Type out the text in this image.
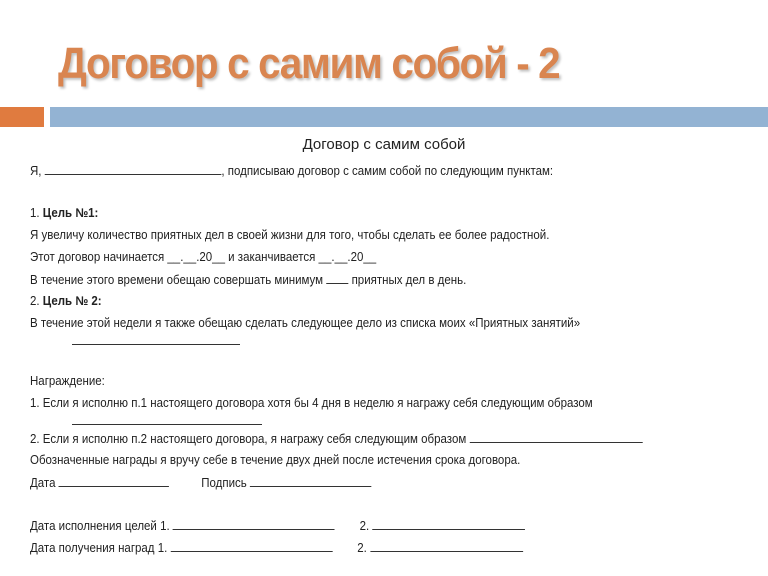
Договор с самим собой - 2
Договор с самим собой
Я,	, подписываю договор с самим собой по следующим пунктам:
1. Цель №1:
Я увеличу количество приятных дел в своей жизни для того, чтобы сделать ее более радостной.
Этот договор начинается __.__.20__ и заканчивается __.__.20__
В течение этого времени обещаю совершать минимум приятных дел в день.
2. Цель № 2:
В течение этой недели я также обещаю сделать следующее дело из списка моих «Приятных занятий»
Награждение:
1. Если я исполню п.1 настоящего договора хотя бы 4 дня в неделю я награжу себя следующим образом
2. Если я исполню п.2 настоящего договора, я награжу себя следующим образом
Обозначенные награды я вручу себе в течение двух дней после истечения срока договора.
Дата	Подпись
Дата исполнения целей 1.	2.
Дата получения наград 1.	2.
